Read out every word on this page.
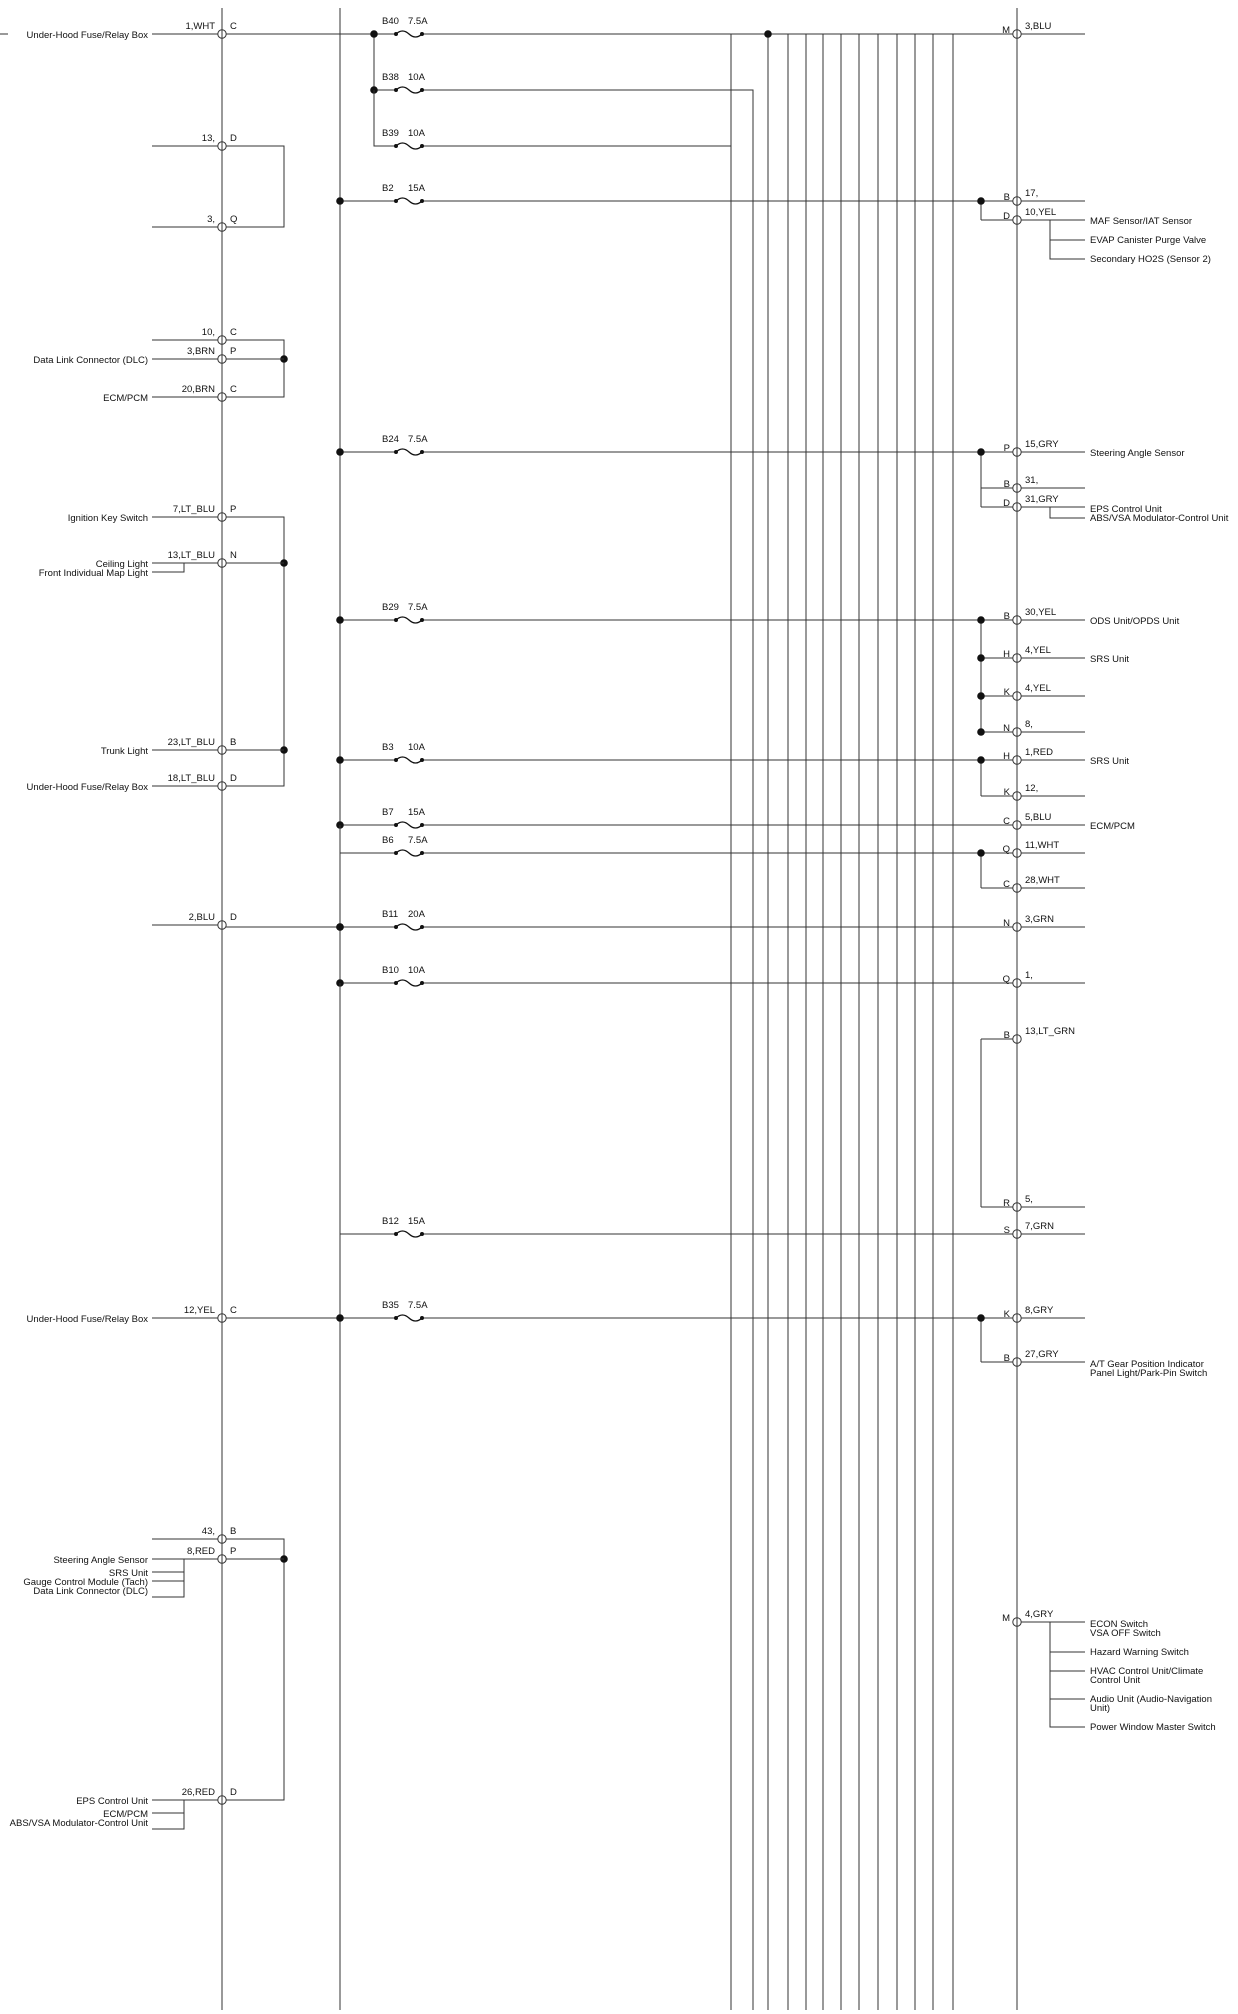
B40 7.5A
B38 10A
B39 10A
B2 15A
B24 7.5A
B29 7.5A
B3 10A
B7 15A
B6 7.5A
B11 20A
B10 10A
B12 15A
B35 7.5A
1,WHT C
Under-Hood Fuse/Relay Box
13, D
3, Q
10, C
3,BRN P
Data Link Connector (DLC)
20,BRN C
ECM/PCM
7,LT_BLU P
Ignition Key Switch
13,LT_BLU N
Ceiling Light
Front Individual Map Light
23,LT_BLU B
Trunk Light
18,LT_BLU D
Under-Hood Fuse/Relay Box
2,BLU D
12,YEL C
Under-Hood Fuse/Relay Box
43, B
8,RED P
Steering Angle Sensor
SRS Unit
Gauge Control Module (Tach)
Data Link Connector (DLC)
26,RED D
EPS Control Unit
ECM/PCM
ABS/VSA Modulator-Control Unit
M 3,BLU
B 17,
D 10,YEL
P 15,GRY
B 31,
D 31,GRY
B 30,YEL
H 4,YEL
K 4,YEL
N 8,
H 1,RED
K 12,
C 5,BLU
Q 11,WHT
C 28,WHT
N 3,GRN
Q 1,
B 13,LT_GRN
R 5,
S 7,GRN
K 8,GRY
B 27,GRY
M 4,GRY
MAF Sensor/IAT Sensor
EVAP Canister Purge Valve
Secondary HO2S (Sensor 2)
Steering Angle Sensor
EPS Control Unit
ABS/VSA Modulator-Control Unit
ODS Unit/OPDS Unit
SRS Unit
SRS Unit
ECM/PCM
A/T Gear Position Indicator
Panel Light/Park-Pin Switch
ECON Switch
VSA OFF Switch
Hazard Warning Switch
HVAC Control Unit/Climate
Control Unit
Audio Unit (Audio-Navigation
Unit)
Power Window Master Switch
